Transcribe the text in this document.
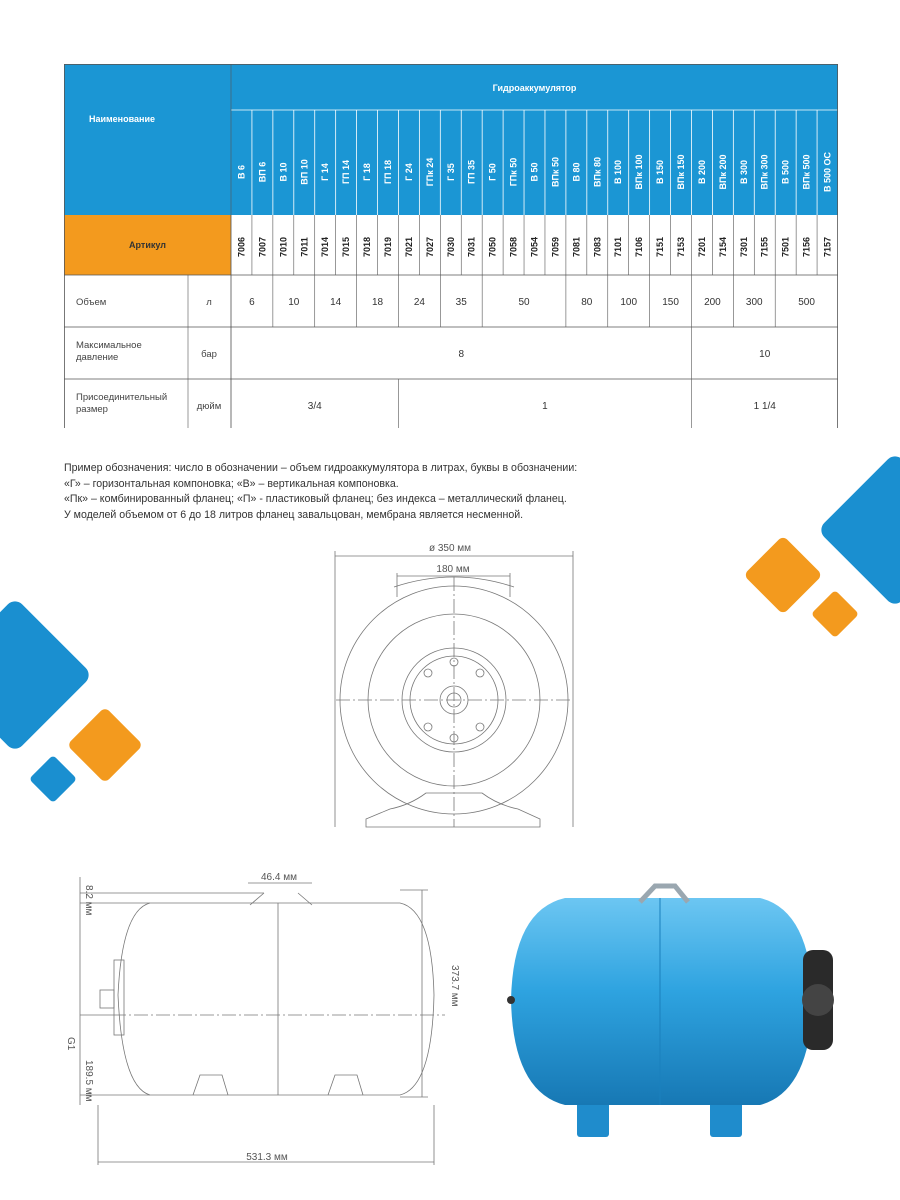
Наименование
Гидроаккумулятор
В 6 ВП 6 В 10 ВП 10 Г 14 ГП 14 Г 18 ГП 18 Г 24 ГПк 24 Г 35 ГП 35 Г 50 ГПк 50 В 50 ВПк 50 В 80 ВПк 80 В 100 ВПк 100 В 150 ВПк 150 В 200 ВПк 200 В 300 ВПк 300 В 500 ВПк 500 В 500 ОС
Артикул	7006 7007 7010 7011 7014 7015 7018 7019 7021 7027 7030 7031 7050 7058 7054 7059 7081 7083 7101 7106 7151 7153 7201 7154 7301 7155 7501 7156 7157
Объем	л	6	10	14	18	24	35	50	80	100	150	200	300	500
Максимальное
давление	бар	8	10
Присоединительный
размер	дюйм	3/4	1	1 1/4
Пример обозначения: число в обозначении – объем гидроаккумулятора в литрах, буквы в обозначении:
«Г» – горизонтальная компоновка; «В» – вертикальная компоновка.
«Пк» – комбинированный фланец; «П» - пластиковый фланец; без индекса – металлический фланец.
У моделей объемом от 6 до 18 литров фланец завальцован, мембрана является несменной.
ø 350 мм
180 мм
46.4 мм
8.2 мм
373.7 мм
G1
189.5 мм
531.3 мм
